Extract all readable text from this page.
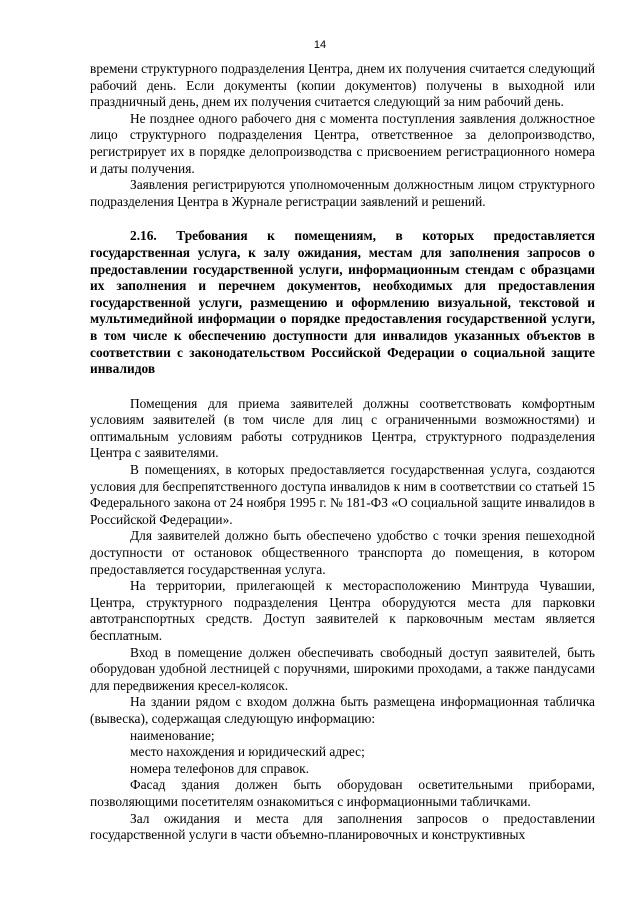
14

времени структурного подразделения Центра, днем их получения считается следующий рабочий день. Если документы (копии документов) получены в выходной или праздничный день, днем их получения считается следующий за ним рабочий день.

Не позднее одного рабочего дня с момента поступления заявления должностное лицо структурного подразделения Центра, ответственное за делопроизводство, регистрирует их в порядке делопроизводства с присвоением регистрационного номера и даты получения.

Заявления регистрируются уполномоченным должностным лицом структурного подразделения Центра в Журнале регистрации заявлений и решений.

2.16. Требования к помещениям, в которых предоставляется государственная услуга, к залу ожидания, местам для заполнения запросов о предоставлении государственной услуги, информационным стендам с образцами их заполнения и перечнем документов, необходимых для предоставления государственной услуги, размещению и оформлению визуальной, текстовой и мультимедийной информации о порядке предоставления государственной услуги, в том числе к обеспечению доступности для инвалидов указанных объектов в соответствии с законодательством Российской Федерации о социальной защите инвалидов

Помещения для приема заявителей должны соответствовать комфортным условиям заявителей (в том числе для лиц с ограниченными возможностями) и оптимальным условиям работы сотрудников Центра, структурного подразделения Центра с заявителями.

В помещениях, в которых предоставляется государственная услуга, создаются условия для беспрепятственного доступа инвалидов к ним в соответствии со статьей 15 Федерального закона от 24 ноября 1995 г. № 181-ФЗ «О социальной защите инвалидов в Российской Федерации».

Для заявителей должно быть обеспечено удобство с точки зрения пешеходной доступности от остановок общественного транспорта до помещения, в котором предоставляется государственная услуга.

На территории, прилегающей к месторасположению Минтруда Чувашии, Центра, структурного подразделения Центра оборудуются места для парковки автотранспортных средств. Доступ заявителей к парковочным местам является бесплатным.

Вход в помещение должен обеспечивать свободный доступ заявителей, быть оборудован удобной лестницей с поручнями, широкими проходами, а также пандусами для передвижения кресел-колясок.

На здании рядом с входом должна быть размещена информационная табличка (вывеска), содержащая следующую информацию:

наименование;

место нахождения и юридический адрес;

номера телефонов для справок.

Фасад здания должен быть оборудован осветительными приборами, позволяющими посетителям ознакомиться с информационными табличками.

Зал ожидания и места для заполнения запросов о предоставлении государственной услуги в части объемно-планировочных и конструктивных
